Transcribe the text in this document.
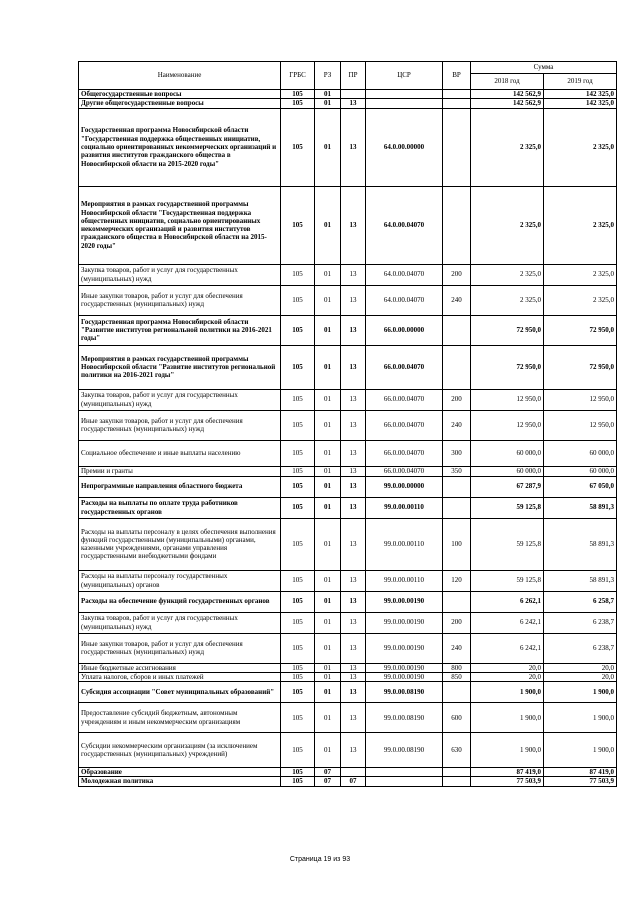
Наименование	ГРБС	РЗ	ПР	ЦСР	ВР	Сумма	
						2018 год	2019 год
Общегосударственные вопросы	105	01				142 562,9	142 325,0
Другие общегосударственные вопросы	105	01	13			142 562,9	142 325,0
Государственная программа Новосибирской области "Государственная поддержка общественных инициатив, социально ориентированных некоммерческих организаций и развития институтов гражданского общества в Новосибирской области на 2015-2020 годы"	105	01	13	64.0.00.00000		2 325,0	2 325,0
Мероприятия в рамках государственной программы Новосибирской области "Государственная поддержка общественных инициатив, социально ориентированных некоммерческих организаций и развития институтов гражданского общества в Новосибирской области на 2015-2020 годы"	105	01	13	64.0.00.04070		2 325,0	2 325,0
Закупка товаров, работ и услуг для государственных (муниципальных) нужд	105	01	13	64.0.00.04070	200	2 325,0	2 325,0
Иные закупки товаров, работ и услуг для обеспечения государственных (муниципальных) нужд	105	01	13	64.0.00.04070	240	2 325,0	2 325,0
Государственная программа Новосибирской области "Развитие институтов региональной политики на 2016-2021 годы"	105	01	13	66.0.00.00000		72 950,0	72 950,0
Мероприятия в рамках государственной программы Новосибирской области "Развитие институтов региональной политики на 2016-2021 годы"	105	01	13	66.0.00.04070		72 950,0	72 950,0
Закупка товаров, работ и услуг для государственных (муниципальных) нужд	105	01	13	66.0.00.04070	200	12 950,0	12 950,0
Иные закупки товаров, работ и услуг для обеспечения государственных (муниципальных) нужд	105	01	13	66.0.00.04070	240	12 950,0	12 950,0
Социальное обеспечение и иные выплаты населению	105	01	13	66.0.00.04070	300	60 000,0	60 000,0
Премии и гранты	105	01	13	66.0.00.04070	350	60 000,0	60 000,0
Непрограммные направления областного бюджета	105	01	13	99.0.00.00000		67 287,9	67 050,0
Расходы на выплаты по оплате труда работников государственных органов	105	01	13	99.0.00.00110		59 125,8	58 891,3
Расходы на выплаты персоналу в целях обеспечения выполнения функций государственными (муниципальными) органами, казенными учреждениями, органами управления государственными внебюджетными фондами	105	01	13	99.0.00.00110	100	59 125,8	58 891,3
Расходы на выплаты персоналу государственных (муниципальных) органов	105	01	13	99.0.00.00110	120	59 125,8	58 891,3
Расходы на обеспечение функций государственных органов	105	01	13	99.0.00.00190		6 262,1	6 258,7
Закупка товаров, работ и услуг для государственных (муниципальных) нужд	105	01	13	99.0.00.00190	200	6 242,1	6 238,7
Иные закупки товаров, работ и услуг для обеспечения государственных (муниципальных) нужд	105	01	13	99.0.00.00190	240	6 242,1	6 238,7
Иные бюджетные ассигнования	105	01	13	99.0.00.00190	800	20,0	20,0
Уплата налогов, сборов и иных платежей	105	01	13	99.0.00.00190	850	20,0	20,0
Субсидия ассоциации "Совет муниципальных образований"	105	01	13	99.0.00.08190		1 900,0	1 900,0
Предоставление субсидий бюджетным, автономным учреждениям и иным некоммерческим организациям	105	01	13	99.0.00.08190	600	1 900,0	1 900,0
Субсидии некоммерческим организациям (за исключением государственных (муниципальных) учреждений)	105	01	13	99.0.00.08190	630	1 900,0	1 900,0
Образование	105	07				87 419,0	87 419,0
Молодежная политика	105	07	07			77 503,9	77 503,9
Страница 19 из 93
